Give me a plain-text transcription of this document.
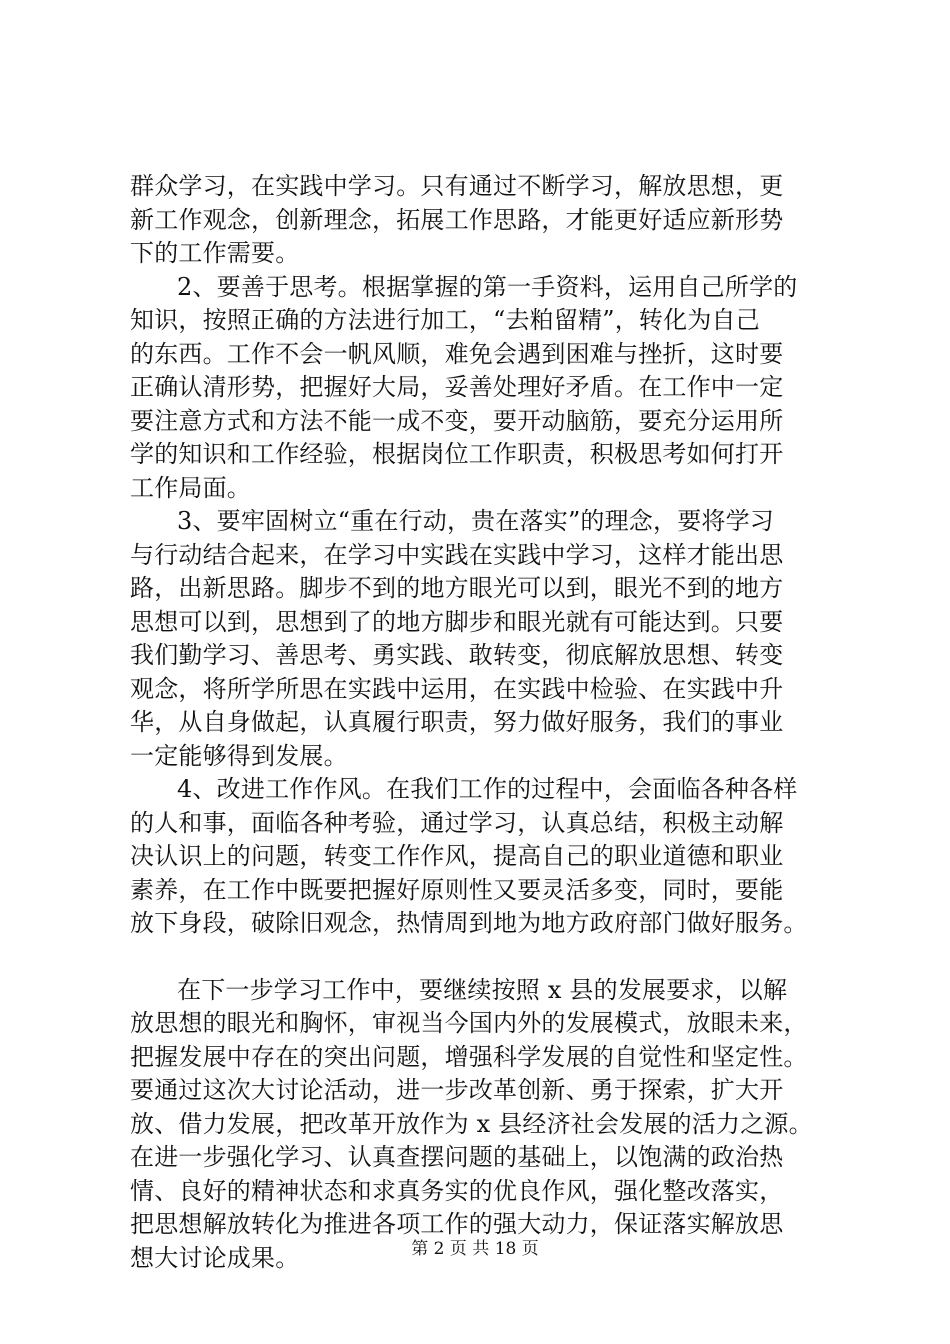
群众学习，在实践中学习。只有通过不断学习，解放思想，更
新工作观念，创新理念，拓展工作思路，才能更好适应新形势
下的工作需要。

2、要善于思考。根据掌握的第一手资料，运用自己所学的
知识，按照正确的方法进行加工，“去粕留精”，转化为自己
的东西。工作不会一帆风顺，难免会遇到困难与挫折，这时要
正确认清形势，把握好大局，妥善处理好矛盾。在工作中一定
要注意方式和方法不能一成不变，要开动脑筋，要充分运用所
学的知识和工作经验，根据岗位工作职责，积极思考如何打开
工作局面。

3、要牢固树立“重在行动，贵在落实”的理念，要将学习
与行动结合起来，在学习中实践在实践中学习，这样才能出思
路，出新思路。脚步不到的地方眼光可以到，眼光不到的地方
思想可以到，思想到了的地方脚步和眼光就有可能达到。只要
我们勤学习、善思考、勇实践、敢转变，彻底解放思想、转变
观念，将所学所思在实践中运用，在实践中检验、在实践中升
华，从自身做起，认真履行职责，努力做好服务，我们的事业
一定能够得到发展。

4、改进工作作风。在我们工作的过程中，会面临各种各样
的人和事，面临各种考验，通过学习，认真总结，积极主动解
决认识上的问题，转变工作作风，提高自己的职业道德和职业
素养，在工作中既要把握好原则性又要灵活多变，同时，要能
放下身段，破除旧观念，热情周到地为地方政府部门做好服务。

在下一步学习工作中，要继续按照 x 县的发展要求，以解
放思想的眼光和胸怀，审视当今国内外的发展模式，放眼未来，
把握发展中存在的突出问题，增强科学发展的自觉性和坚定性。
要通过这次大讨论活动，进一步改革创新、勇于探索，扩大开
放、借力发展，把改革开放作为 x 县经济社会发展的活力之源。
在进一步强化学习、认真查摆问题的基础上，以饱满的政治热
情、良好的精神状态和求真务实的优良作风，强化整改落实，
把思想解放转化为推进各项工作的强大动力，保证落实解放思
想大讨论成果。	第 2 页 共 18 页
